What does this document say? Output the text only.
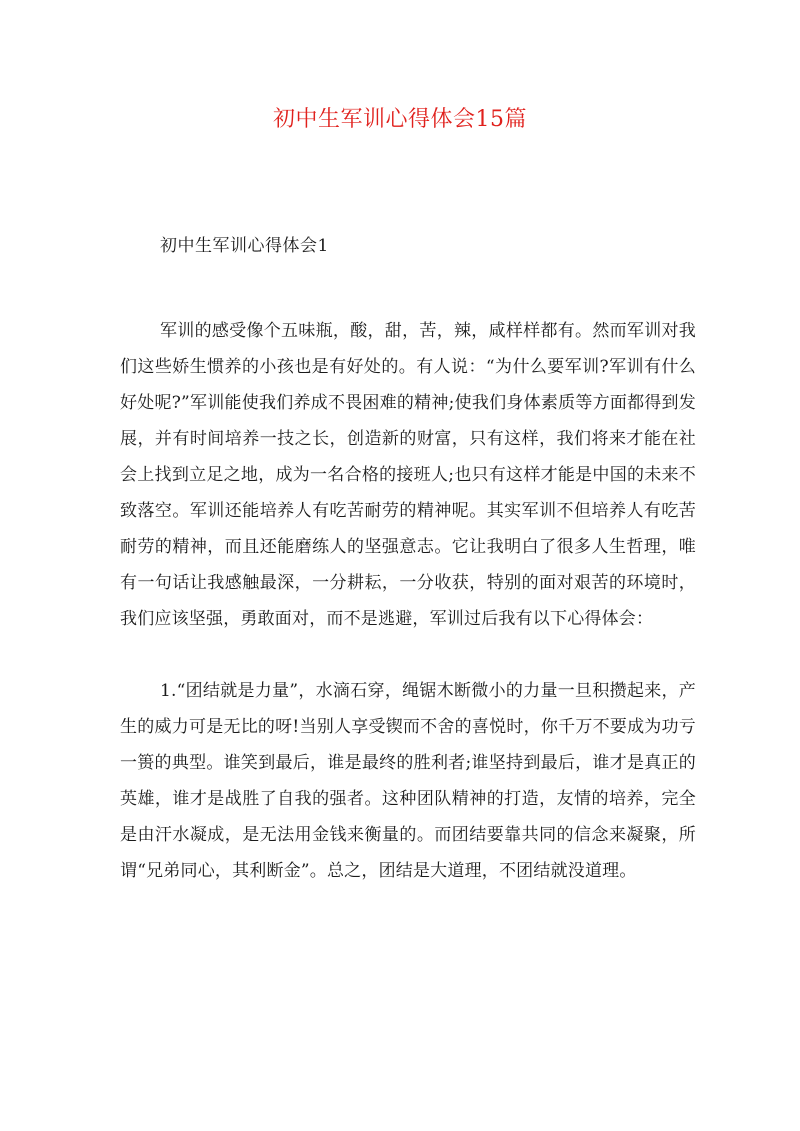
初中生军训心得体会15篇
初中生军训心得体会1

军训的感受像个五味瓶，酸，甜，苦，辣，咸样样都有。然而军训对我们这些娇生惯养的小孩也是有好处的。有人说：“为什么要军训?军训有什么好处呢?”军训能使我们养成不畏困难的精神;使我们身体素质等方面都得到发展，并有时间培养一技之长，创造新的财富，只有这样，我们将来才能在社会上找到立足之地，成为一名合格的接班人;也只有这样才能是中国的未来不致落空。军训还能培养人有吃苦耐劳的精神呢。其实军训不但培养人有吃苦耐劳的精神，而且还能磨练人的坚强意志。它让我明白了很多人生哲理，唯有一句话让我感触最深，一分耕耘，一分收获，特别的面对艰苦的环境时，我们应该坚强，勇敢面对，而不是逃避，军训过后我有以下心得体会：

1.“团结就是力量”，水滴石穿，绳锯木断微小的力量一旦积攒起来，产生的威力可是无比的呀!当别人享受锲而不舍的喜悦时，你千万不要成为功亏一篑的典型。谁笑到最后，谁是最终的胜利者;谁坚持到最后，谁才是真正的英雄，谁才是战胜了自我的强者。这种团队精神的打造，友情的培养，完全是由汗水凝成，是无法用金钱来衡量的。而团结要靠共同的信念来凝聚，所谓“兄弟同心，其利断金”。总之，团结是大道理，不团结就没道理。
